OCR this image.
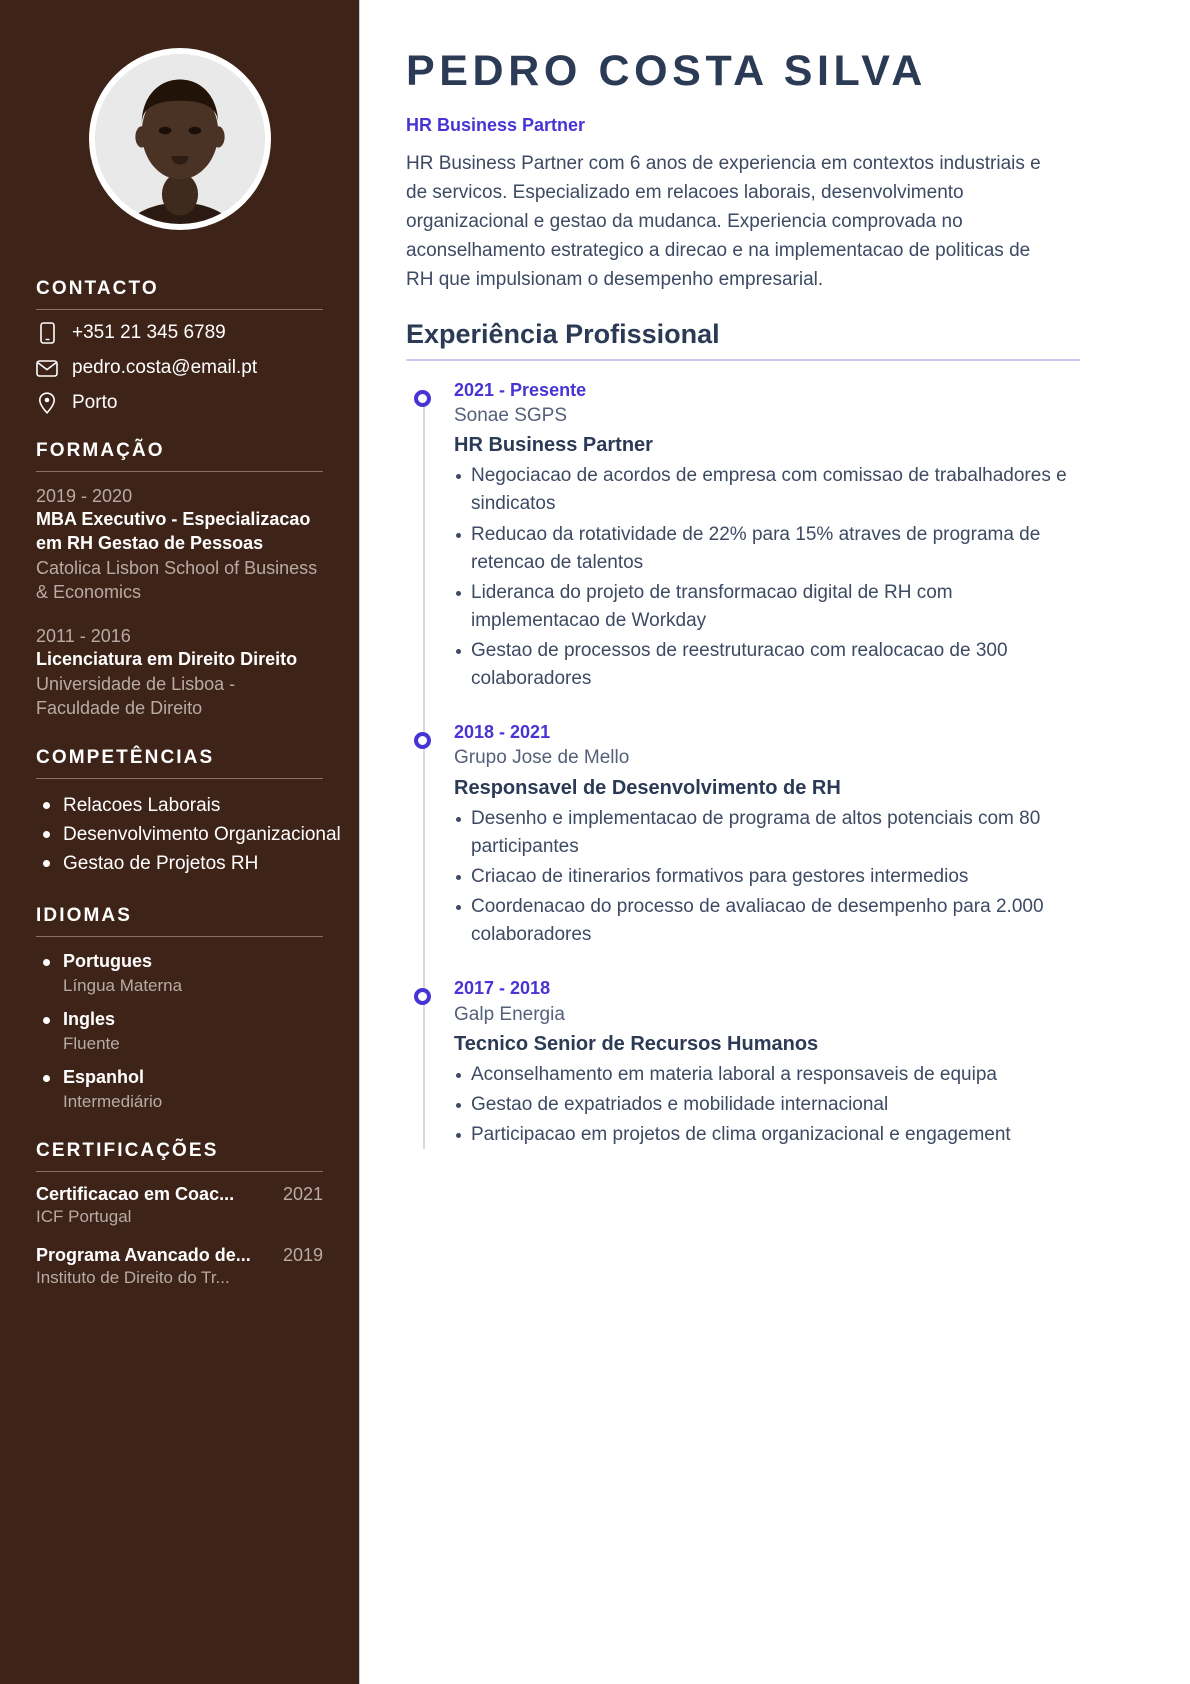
CONTACTO
+351 21 345 6789
pedro.costa@email.pt
Porto
FORMAÇÃO
2019 - 2020
MBA Executivo - Especializacao em RH Gestao de Pessoas
Catolica Lisbon School of Business & Economics
2011 - 2016
Licenciatura em Direito Direito
Universidade de Lisboa - Faculdade de Direito
COMPETÊNCIAS
Relacoes Laborais
Desenvolvimento Organizacional
Gestao de Projetos RH
IDIOMAS
Portugues
Língua Materna
Ingles
Fluente
Espanhol
Intermediário
CERTIFICAÇÕES
Certificacao em Coac...	2021
ICF Portugal
Programa Avancado de...	2019
Instituto de Direito do Tr...
PEDRO COSTA SILVA
HR Business Partner

HR Business Partner com 6 anos de experiencia em contextos industriais e de servicos. Especializado em relacoes laborais, desenvolvimento organizacional e gestao da mudanca. Experiencia comprovada no aconselhamento estrategico a direcao e na implementacao de politicas de RH que impulsionam o desempenho empresarial.

Experiência Profissional
2021 - Presente
Sonae SGPS
HR Business Partner
Negociacao de acordos de empresa com comissao de trabalhadores e sindicatos
Reducao da rotatividade de 22% para 15% atraves de programa de retencao de talentos
Lideranca do projeto de transformacao digital de RH com implementacao de Workday
Gestao de processos de reestruturacao com realocacao de 300 colaboradores
2018 - 2021
Grupo Jose de Mello
Responsavel de Desenvolvimento de RH
Desenho e implementacao de programa de altos potenciais com 80 participantes
Criacao de itinerarios formativos para gestores intermedios
Coordenacao do processo de avaliacao de desempenho para 2.000 colaboradores
2017 - 2018
Galp Energia
Tecnico Senior de Recursos Humanos
Aconselhamento em materia laboral a responsaveis de equipa
Gestao de expatriados e mobilidade internacional
Participacao em projetos de clima organizacional e engagement
